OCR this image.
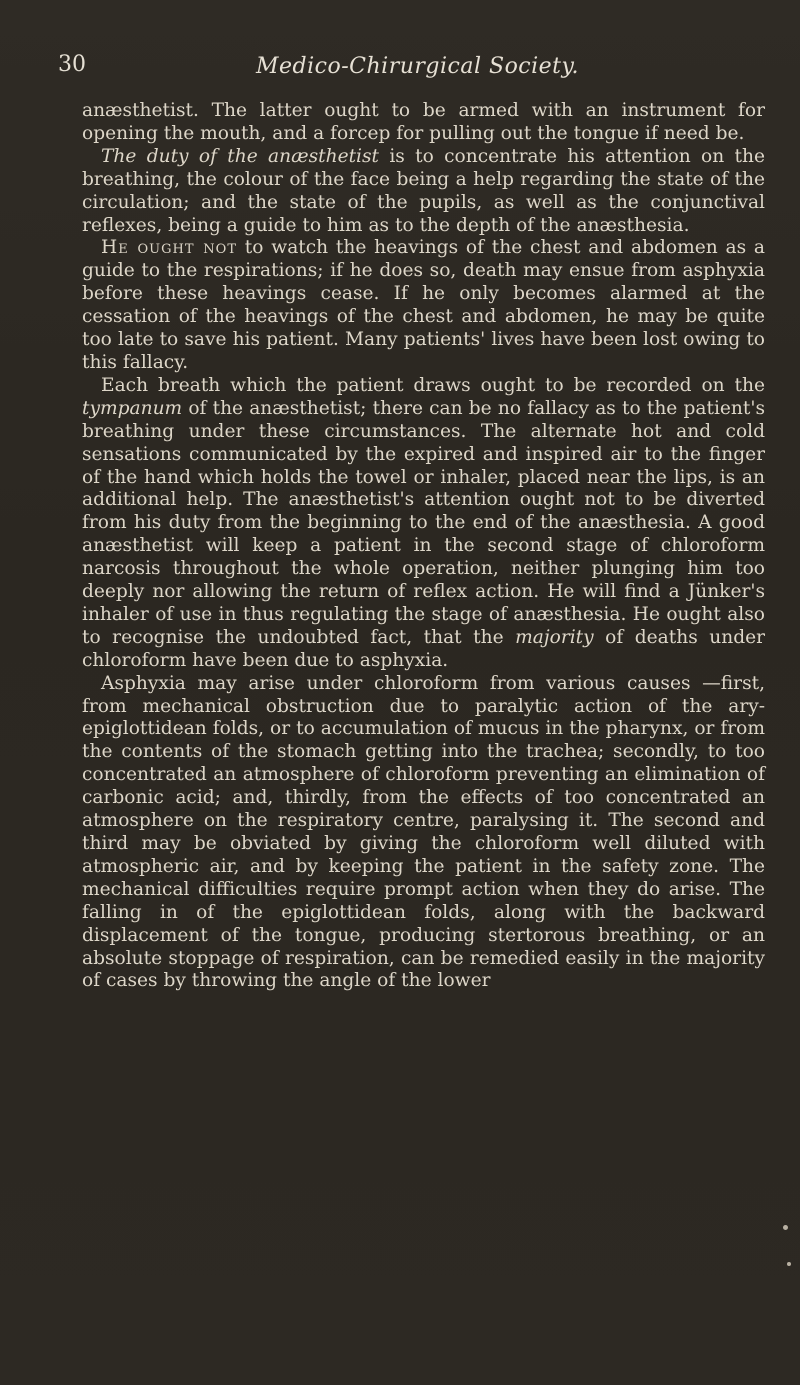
30	Medico-Chirurgical Society.

anæsthetist. The latter ought to be armed with an instrument for opening the mouth, and a forcep for pulling out the tongue if need be.

The duty of the anæsthetist is to concentrate his attention on the breathing, the colour of the face being a help regarding the state of the circulation; and the state of the pupils, as well as the conjunctival reflexes, being a guide to him as to the depth of the anæsthesia.

He ought not to watch the heavings of the chest and abdomen as a guide to the respirations; if he does so, death may ensue from asphyxia before these heavings cease. If he only becomes alarmed at the cessation of the heavings of the chest and abdomen, he may be quite too late to save his patient. Many patients' lives have been lost owing to this fallacy.

Each breath which the patient draws ought to be recorded on the tympanum of the anæsthetist; there can be no fallacy as to the patient's breathing under these circumstances. The alternate hot and cold sensations communicated by the expired and inspired air to the finger of the hand which holds the towel or inhaler, placed near the lips, is an additional help. The anæsthetist's attention ought not to be diverted from his duty from the beginning to the end of the anæsthesia. A good anæsthetist will keep a patient in the second stage of chloroform narcosis throughout the whole operation, neither plunging him too deeply nor allowing the return of reflex action. He will find a Jünker's inhaler of use in thus regulating the stage of anæsthesia. He ought also to recognise the undoubted fact, that the majority of deaths under chloroform have been due to asphyxia.

Asphyxia may arise under chloroform from various causes —first, from mechanical obstruction due to paralytic action of the ary-epiglottidean folds, or to accumulation of mucus in the pharynx, or from the contents of the stomach getting into the trachea; secondly, to too concentrated an atmosphere of chloroform preventing an elimination of carbonic acid; and, thirdly, from the effects of too concentrated an atmosphere on the respiratory centre, paralysing it. The second and third may be obviated by giving the chloroform well diluted with atmospheric air, and by keeping the patient in the safety zone. The mechanical difficulties require prompt action when they do arise. The falling in of the epiglottidean folds, along with the backward displacement of the tongue, producing stertorous breathing, or an absolute stoppage of respiration, can be remedied easily in the majority of cases by throwing the angle of the lower
